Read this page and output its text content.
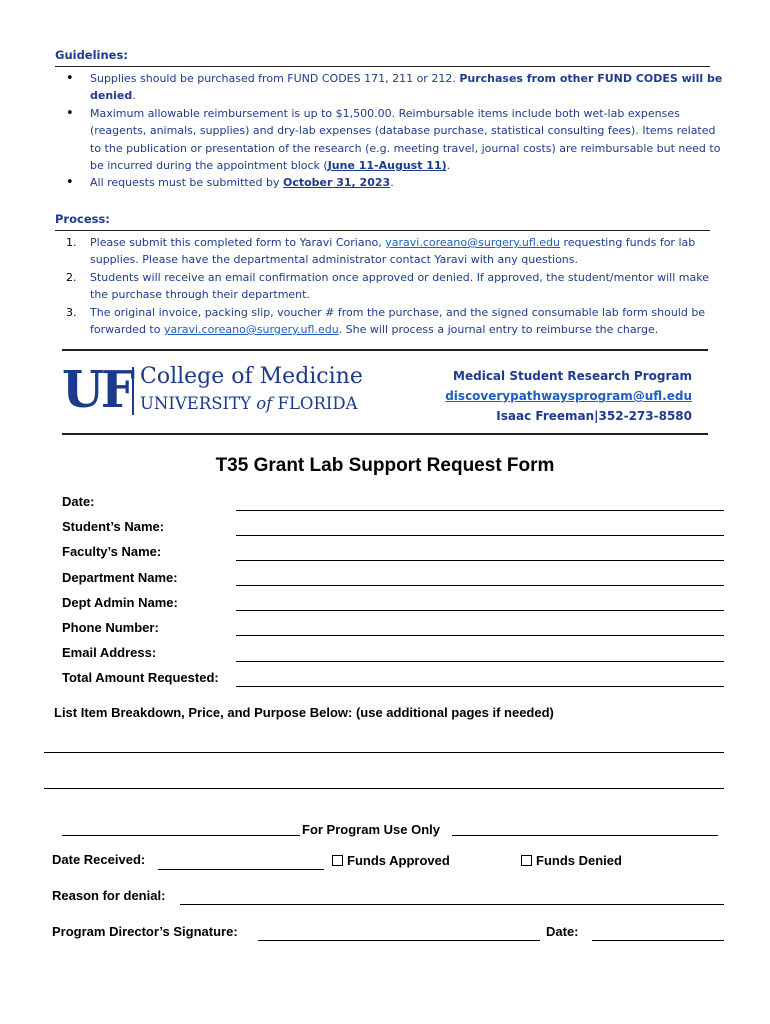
Guidelines:
• Supplies should be purchased from FUND CODES 171, 211 or 212. Purchases from other FUND CODES will be denied.
• Maximum allowable reimbursement is up to $1,500.00. Reimbursable items include both wet-lab expenses (reagents, animals, supplies) and dry-lab expenses (database purchase, statistical consulting fees). Items related to the publication or presentation of the research (e.g. meeting travel, journal costs) are reimbursable but need to be incurred during the appointment block (June 11-August 11).
• All requests must be submitted by October 31, 2023.
Process:
1. Please submit this completed form to Yaravi Coriano, yaravi.coreano@surgery.ufl.edu requesting funds for lab supplies. Please have the departmental administrator contact Yaravi with any questions.
2. Students will receive an email confirmation once approved or denied. If approved, the student/mentor will make the purchase through their department.
3. The original invoice, packing slip, voucher # from the purchase, and the signed consumable lab form should be forwarded to yaravi.coreano@surgery.ufl.edu. She will process a journal entry to reimburse the charge.
UF College of Medicine
UNIVERSITY of FLORIDA
Medical Student Research Program
discoverypathwaysprogram@ufl.edu
Isaac Freeman|352-273-8580
T35 Grant Lab Support Request Form
Date:
Student’s Name:
Faculty’s Name:
Department Name:
Dept Admin Name:
Phone Number:
Email Address:
Total Amount Requested:
List Item Breakdown, Price, and Purpose Below: (use additional pages if needed)
For Program Use Only
Date Received:	Funds Approved	Funds Denied
Reason for denial:
Program Director’s Signature:	Date:
